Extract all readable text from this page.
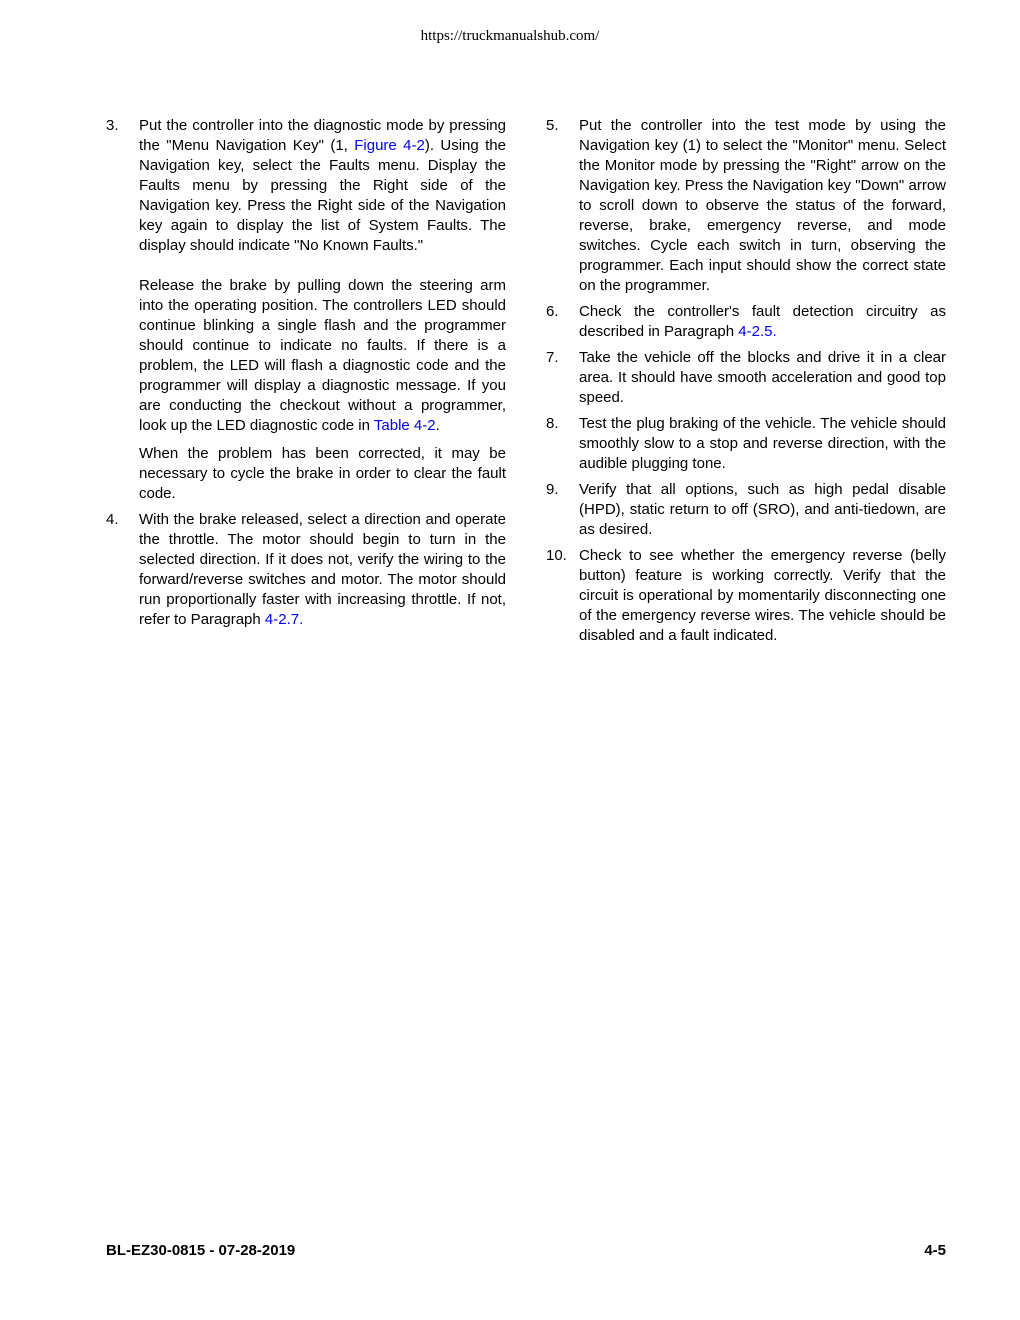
https://truckmanualshub.com/
3. Put the controller into the diagnostic mode by pressing the "Menu Navigation Key" (1, Figure 4-2). Using the Navigation key, select the Faults menu. Display the Faults menu by pressing the Right side of the Navigation key. Press the Right side of the Navigation key again to display the list of System Faults. The display should indicate "No Known Faults."

Release the brake by pulling down the steering arm into the operating position. The controllers LED should continue blinking a single flash and the programmer should continue to indicate no faults. If there is a problem, the LED will flash a diagnostic code and the programmer will display a diagnostic message. If you are conducting the checkout without a programmer, look up the LED diagnostic code in Table 4-2.

When the problem has been corrected, it may be necessary to cycle the brake in order to clear the fault code.

4. With the brake released, select a direction and operate the throttle. The motor should begin to turn in the selected direction. If it does not, verify the wiring to the forward/reverse switches and motor. The motor should run proportionally faster with increasing throttle. If not, refer to Paragraph 4-2.7.

5. Put the controller into the test mode by using the Navigation key (1) to select the "Monitor" menu. Select the Monitor mode by pressing the "Right" arrow on the Navigation key. Press the Navigation key "Down" arrow to scroll down to observe the status of the forward, reverse, brake, emergency reverse, and mode switches. Cycle each switch in turn, observing the programmer. Each input should show the correct state on the programmer.

6. Check the controller's fault detection circuitry as described in Paragraph 4-2.5.

7. Take the vehicle off the blocks and drive it in a clear area. It should have smooth acceleration and good top speed.

8. Test the plug braking of the vehicle. The vehicle should smoothly slow to a stop and reverse direction, with the audible plugging tone.

9. Verify that all options, such as high pedal disable (HPD), static return to off (SRO), and anti-tiedown, are as desired.

10. Check to see whether the emergency reverse (belly button) feature is working correctly. Verify that the circuit is operational by momentarily disconnecting one of the emergency reverse wires. The vehicle should be disabled and a fault indicated.

BL-EZ30-0815 - 07-28-2019	4-5
